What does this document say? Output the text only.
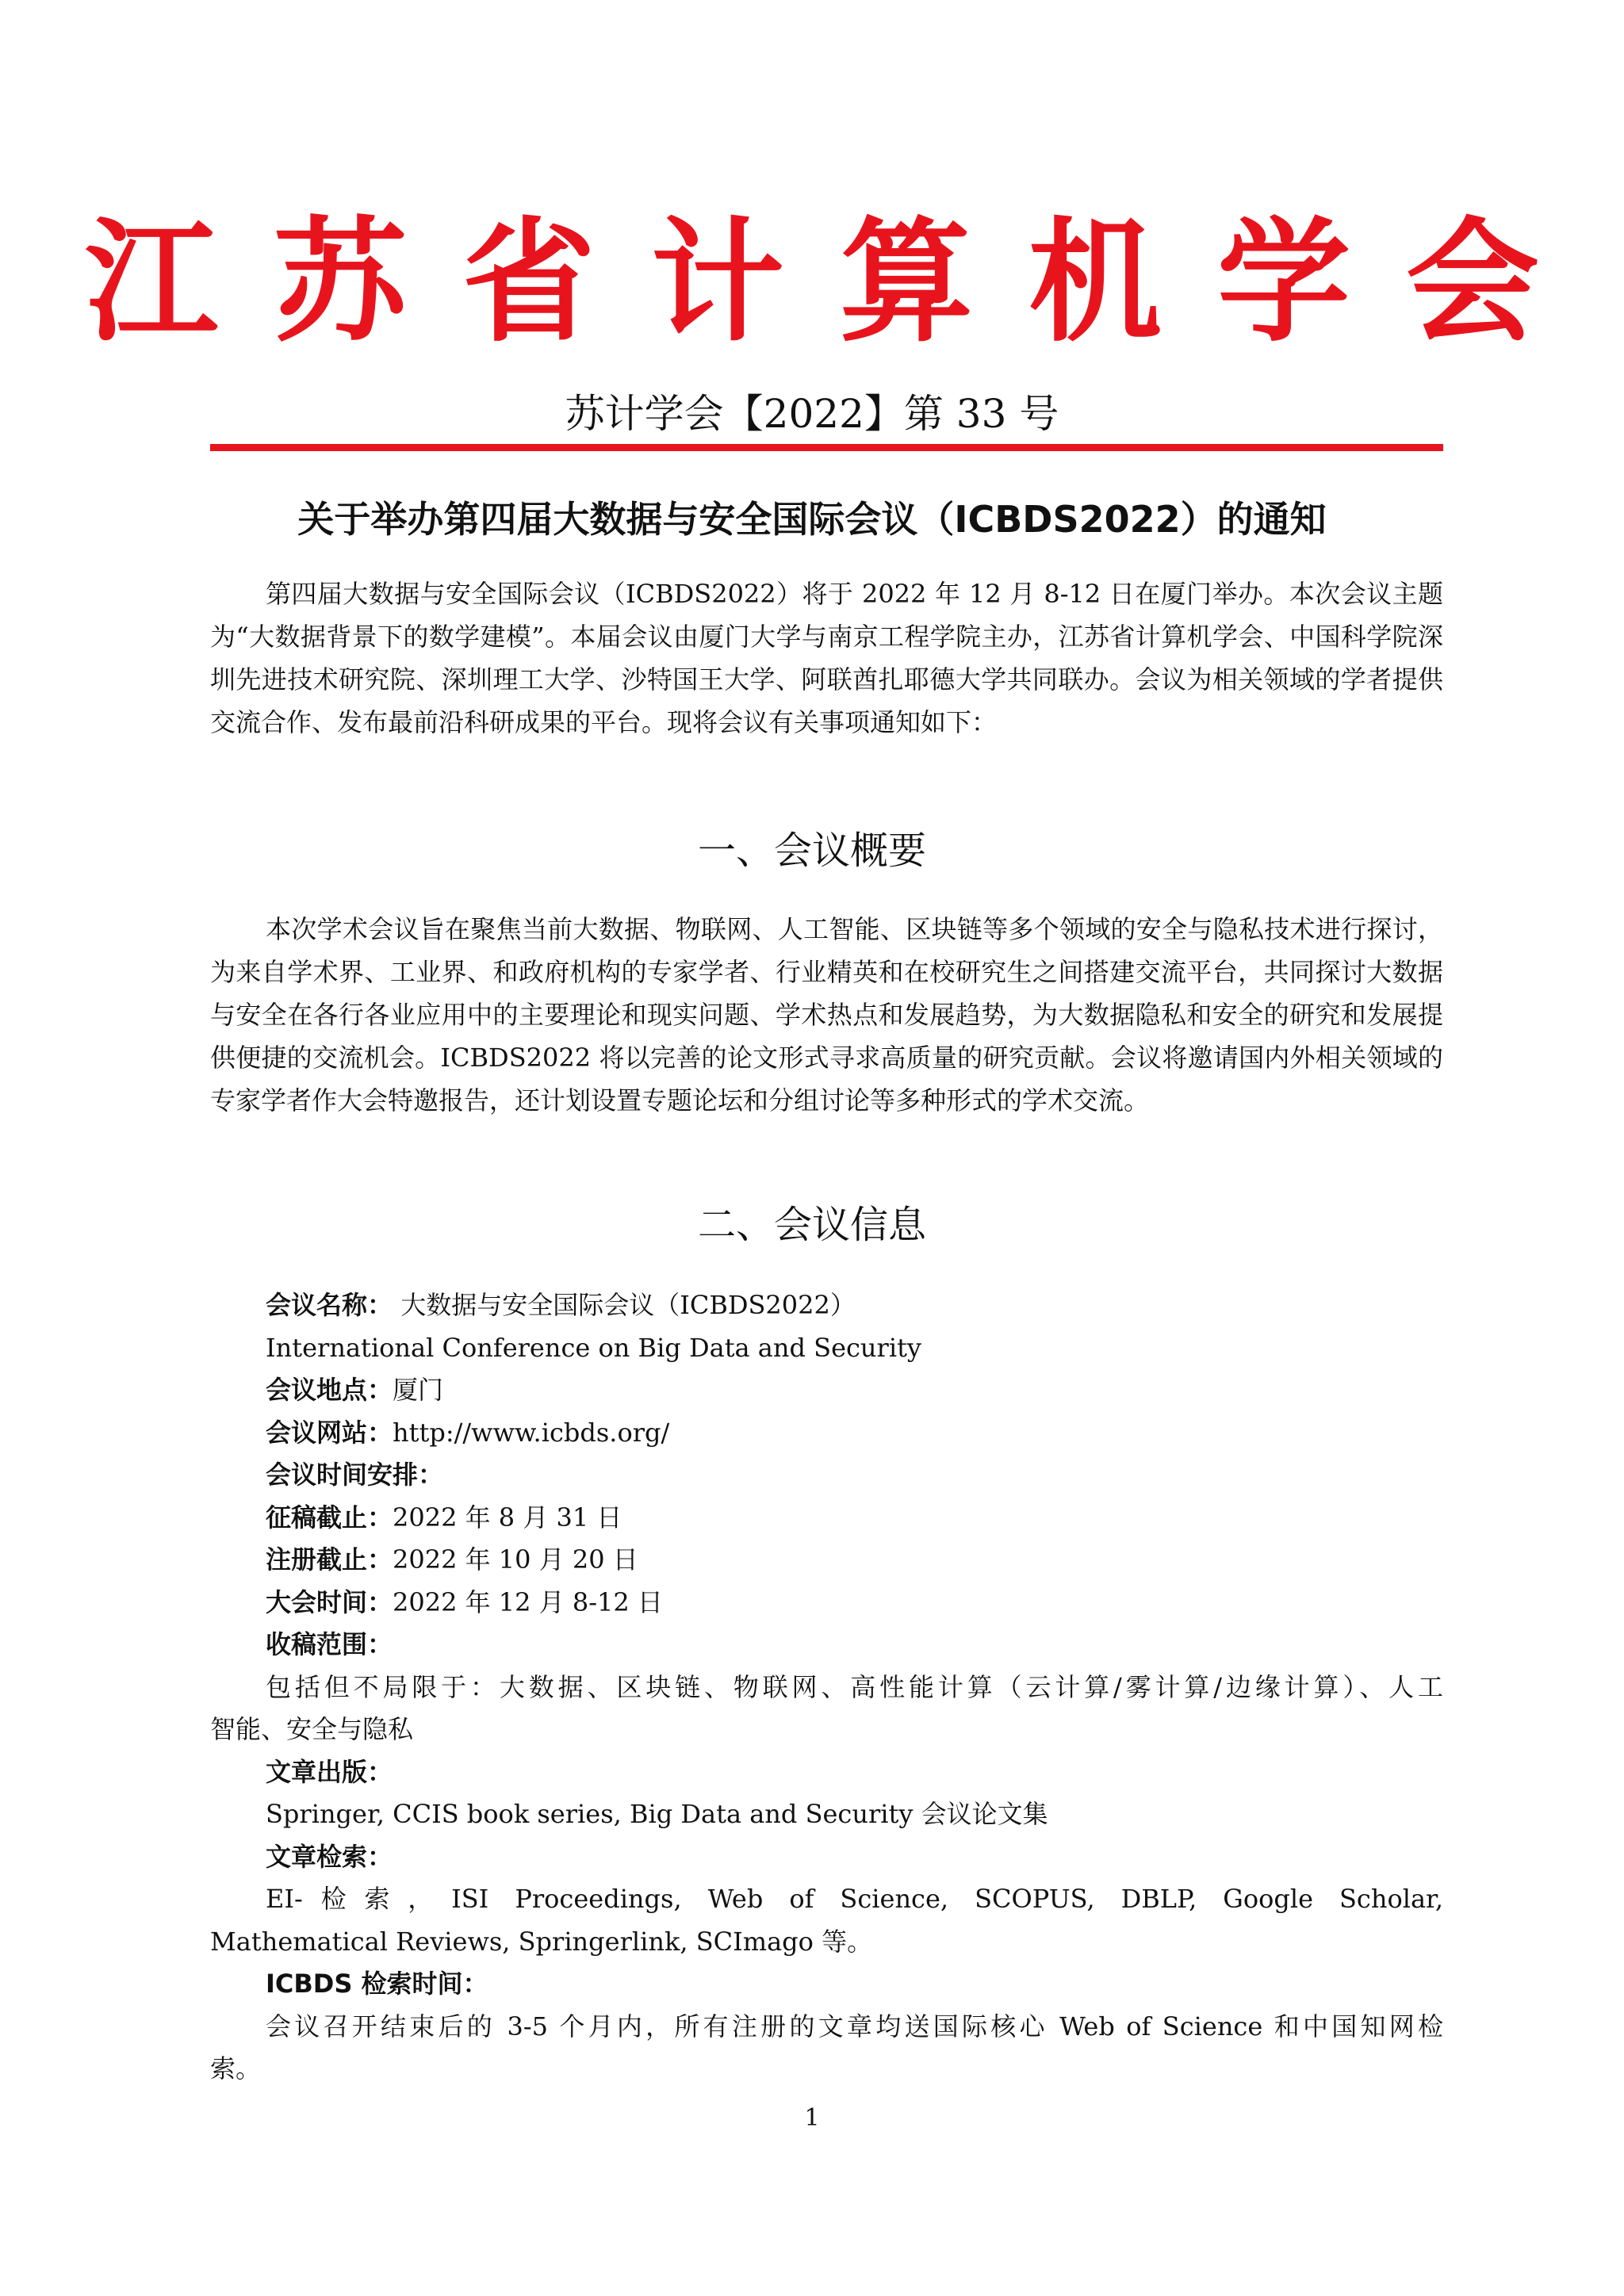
江苏省计算机学会
苏计学会【2022】第 33 号
关于举办第四届大数据与安全国际会议（ICBDS2022）的通知

第四届大数据与安全国际会议（ICBDS2022）将于 2022 年 12 月 8-12 日在厦门举办。本次会议主题为“大数据背景下的数学建模”。本届会议由厦门大学与南京工程学院主办，江苏省计算机学会、中国科学院深圳先进技术研究院、深圳理工大学、沙特国王大学、阿联酋扎耶德大学共同联办。会议为相关领域的学者提供交流合作、发布最前沿科研成果的平台。现将会议有关事项通知如下：

一、会议概要

本次学术会议旨在聚焦当前大数据、物联网、人工智能、区块链等多个领域的安全与隐私技术进行探讨，为来自学术界、工业界、和政府机构的专家学者、行业精英和在校研究生之间搭建交流平台，共同探讨大数据与安全在各行各业应用中的主要理论和现实问题、学术热点和发展趋势，为大数据隐私和安全的研究和发展提供便捷的交流机会。ICBDS2022 将以完善的论文形式寻求高质量的研究贡献。会议将邀请国内外相关领域的专家学者作大会特邀报告，还计划设置专题论坛和分组讨论等多种形式的学术交流。

二、会议信息
会议名称： 大数据与安全国际会议（ICBDS2022）
International Conference on Big Data and Security
会议地点：厦门
会议网站：http://www.icbds.org/
会议时间安排：
征稿截止：2022 年 8 月 31 日
注册截止：2022 年 10 月 20 日
大会时间：2022 年 12 月 8-12 日
收稿范围：
包括但不局限于：大数据、区块链、物联网、高性能计算（云计算/雾计算/边缘计算）、人工
智能、安全与隐私
文章出版：
Springer, CCIS book series, Big Data and Security 会议论文集
文章检索：
EI-检索，ISI Proceedings, Web of Science, SCOPUS, DBLP, Google Scholar,
Mathematical Reviews, Springerlink, SCImago 等。
ICBDS 检索时间：
会议召开结束后的 3-5 个月内，所有注册的文章均送国际核心 Web of Science 和中国知网检
索。
1
